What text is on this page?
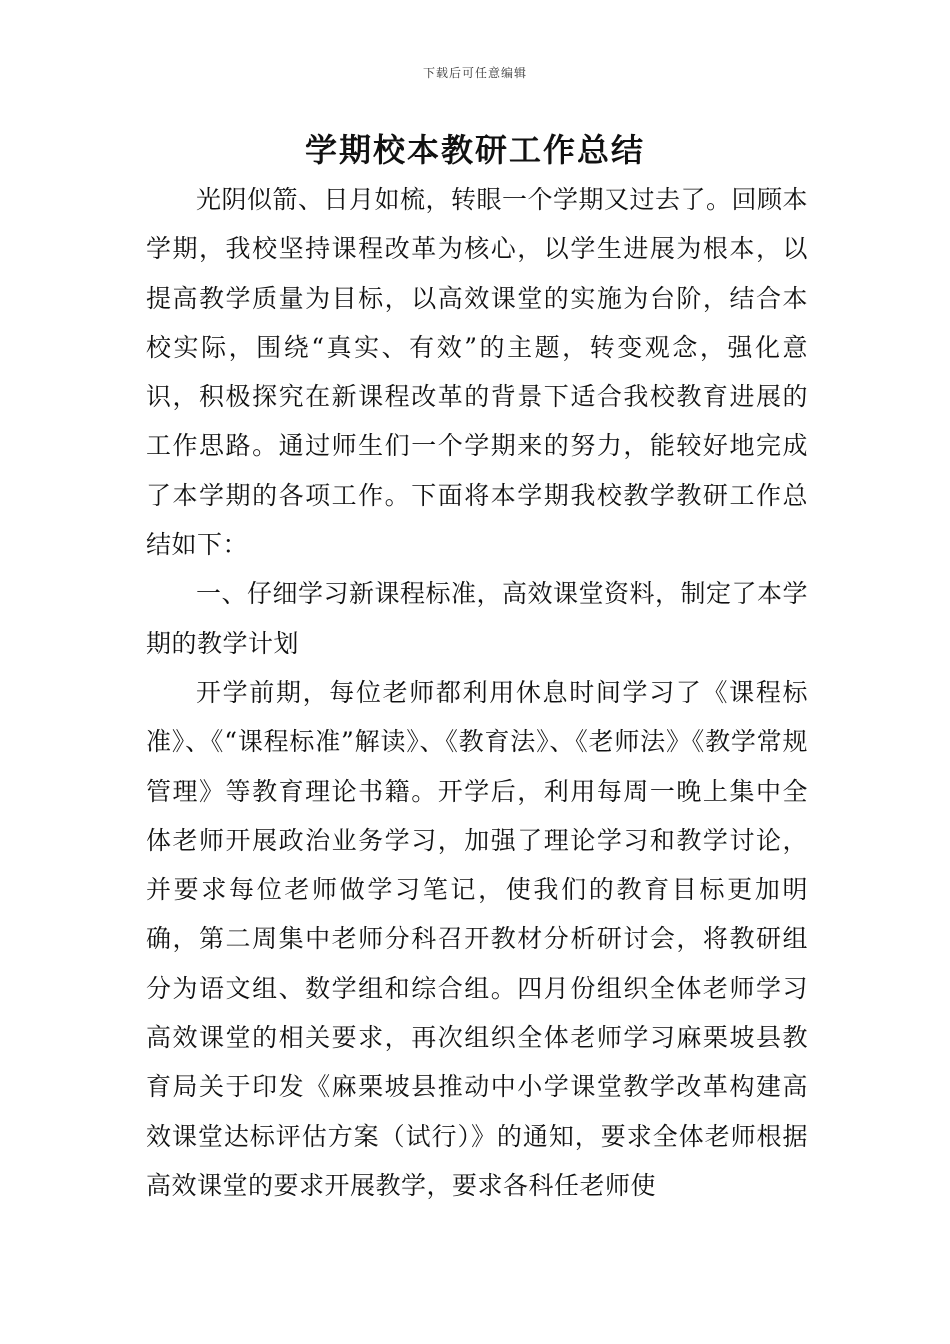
下载后可任意编辑
学期校本教研工作总结

光阴似箭、日月如梳，转眼一个学期又过去了。回顾本学期，我校坚持课程改革为核心，以学生进展为根本，以提高教学质量为目标，以高效课堂的实施为台阶，结合本校实际，围绕“真实、有效”的主题，转变观念，强化意识，积极探究在新课程改革的背景下适合我校教育进展的工作思路。通过师生们一个学期来的努力，能较好地完成了本学期的各项工作。下面将本学期我校教学教研工作总结如下：

一、仔细学习新课程标准，高效课堂资料，制定了本学期的教学计划

开学前期，每位老师都利用休息时间学习了《课程标准》、《“课程标准”解读》、《教育法》、《老师法》《教学常规管理》等教育理论书籍。开学后，利用每周一晚上集中全体老师开展政治业务学习，加强了理论学习和教学讨论，并要求每位老师做学习笔记，使我们的教育目标更加明确，第二周集中老师分科召开教材分析研讨会，将教研组分为语文组、数学组和综合组。四月份组织全体老师学习高效课堂的相关要求，再次组织全体老师学习麻栗坡县教育局关于印发《麻栗坡县推动中小学课堂教学改革构建高效课堂达标评估方案（试行）》的通知，要求全体老师根据高效课堂的要求开展教学，要求各科任老师使
